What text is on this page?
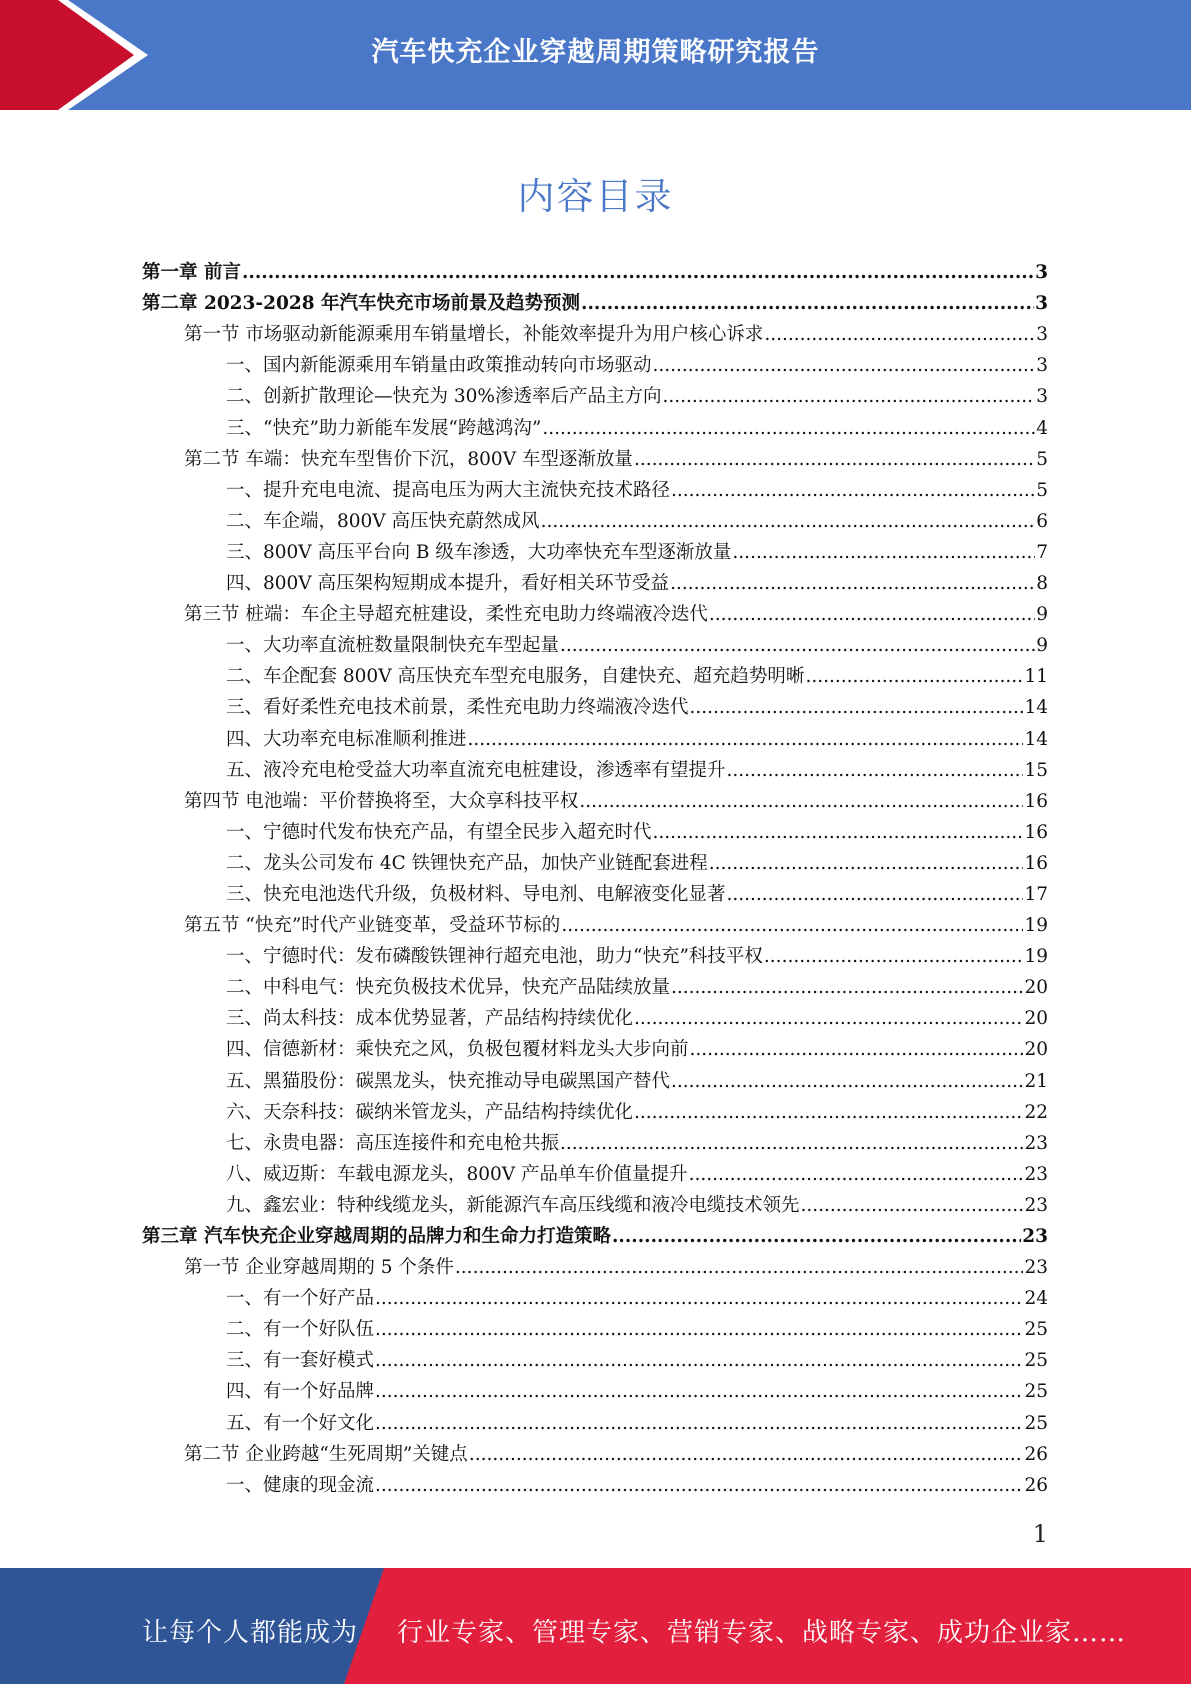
汽车快充企业穿越周期策略研究报告
内容目录
第一章 前言 .....	3
第二章 2023-2028 年汽车快充市场前景及趋势预测 .....	3
第一节 市场驱动新能源乘用车销量增长，补能效率提升为用户核心诉求 .....	3
一、国内新能源乘用车销量由政策推动转向市场驱动 .....	3
二、创新扩散理论—快充为 30%渗透率后产品主方向 .....	3
三、“快充”助力新能车发展“跨越鸿沟” .....	4
第二节 车端：快充车型售价下沉，800V 车型逐渐放量 .....	5
一、提升充电电流、提高电压为两大主流快充技术路径 .....	5
二、车企端，800V 高压快充蔚然成风 .....	6
三、800V 高压平台向 B 级车渗透，大功率快充车型逐渐放量 .....	7
四、800V 高压架构短期成本提升，看好相关环节受益 .....	8
第三节 桩端：车企主导超充桩建设，柔性充电助力终端液冷迭代 .....	9
一、大功率直流桩数量限制快充车型起量 .....	9
二、车企配套 800V 高压快充车型充电服务，自建快充、超充趋势明晰 .....	11
三、看好柔性充电技术前景，柔性充电助力终端液冷迭代 .....	14
四、大功率充电标准顺利推进 .....	14
五、液冷充电枪受益大功率直流充电桩建设，渗透率有望提升 .....	15
第四节 电池端：平价替换将至，大众享科技平权 .....	16
一、宁德时代发布快充产品，有望全民步入超充时代 .....	16
二、龙头公司发布 4C 铁锂快充产品，加快产业链配套进程 .....	16
三、快充电池迭代升级，负极材料、导电剂、电解液变化显著 .....	17
第五节 “快充”时代产业链变革，受益环节标的 .....	19
一、宁德时代：发布磷酸铁锂神行超充电池，助力“快充”科技平权 .....	19
二、中科电气：快充负极技术优异，快充产品陆续放量 .....	20
三、尚太科技：成本优势显著，产品结构持续优化 .....	20
四、信德新材：乘快充之风，负极包覆材料龙头大步向前 .....	20
五、黑猫股份：碳黑龙头，快充推动导电碳黑国产替代 .....	21
六、天奈科技：碳纳米管龙头，产品结构持续优化 .....	22
七、永贵电器：高压连接件和充电枪共振 .....	23
八、威迈斯：车载电源龙头，800V 产品单车价值量提升 .....	23
九、鑫宏业：特种线缆龙头，新能源汽车高压线缆和液冷电缆技术领先 .....	23
第三章 汽车快充企业穿越周期的品牌力和生命力打造策略 .....	23
第一节 企业穿越周期的 5 个条件 .....	23
一、有一个好产品 .....	24
二、有一个好队伍 .....	25
三、有一套好模式 .....	25
四、有一个好品牌 .....	25
五、有一个好文化 .....	25
第二节 企业跨越“生死周期”关键点 .....	26
一、健康的现金流 .....	26
1
让每个人都能成为 行业专家、管理专家、营销专家、战略专家、成功企业家……
